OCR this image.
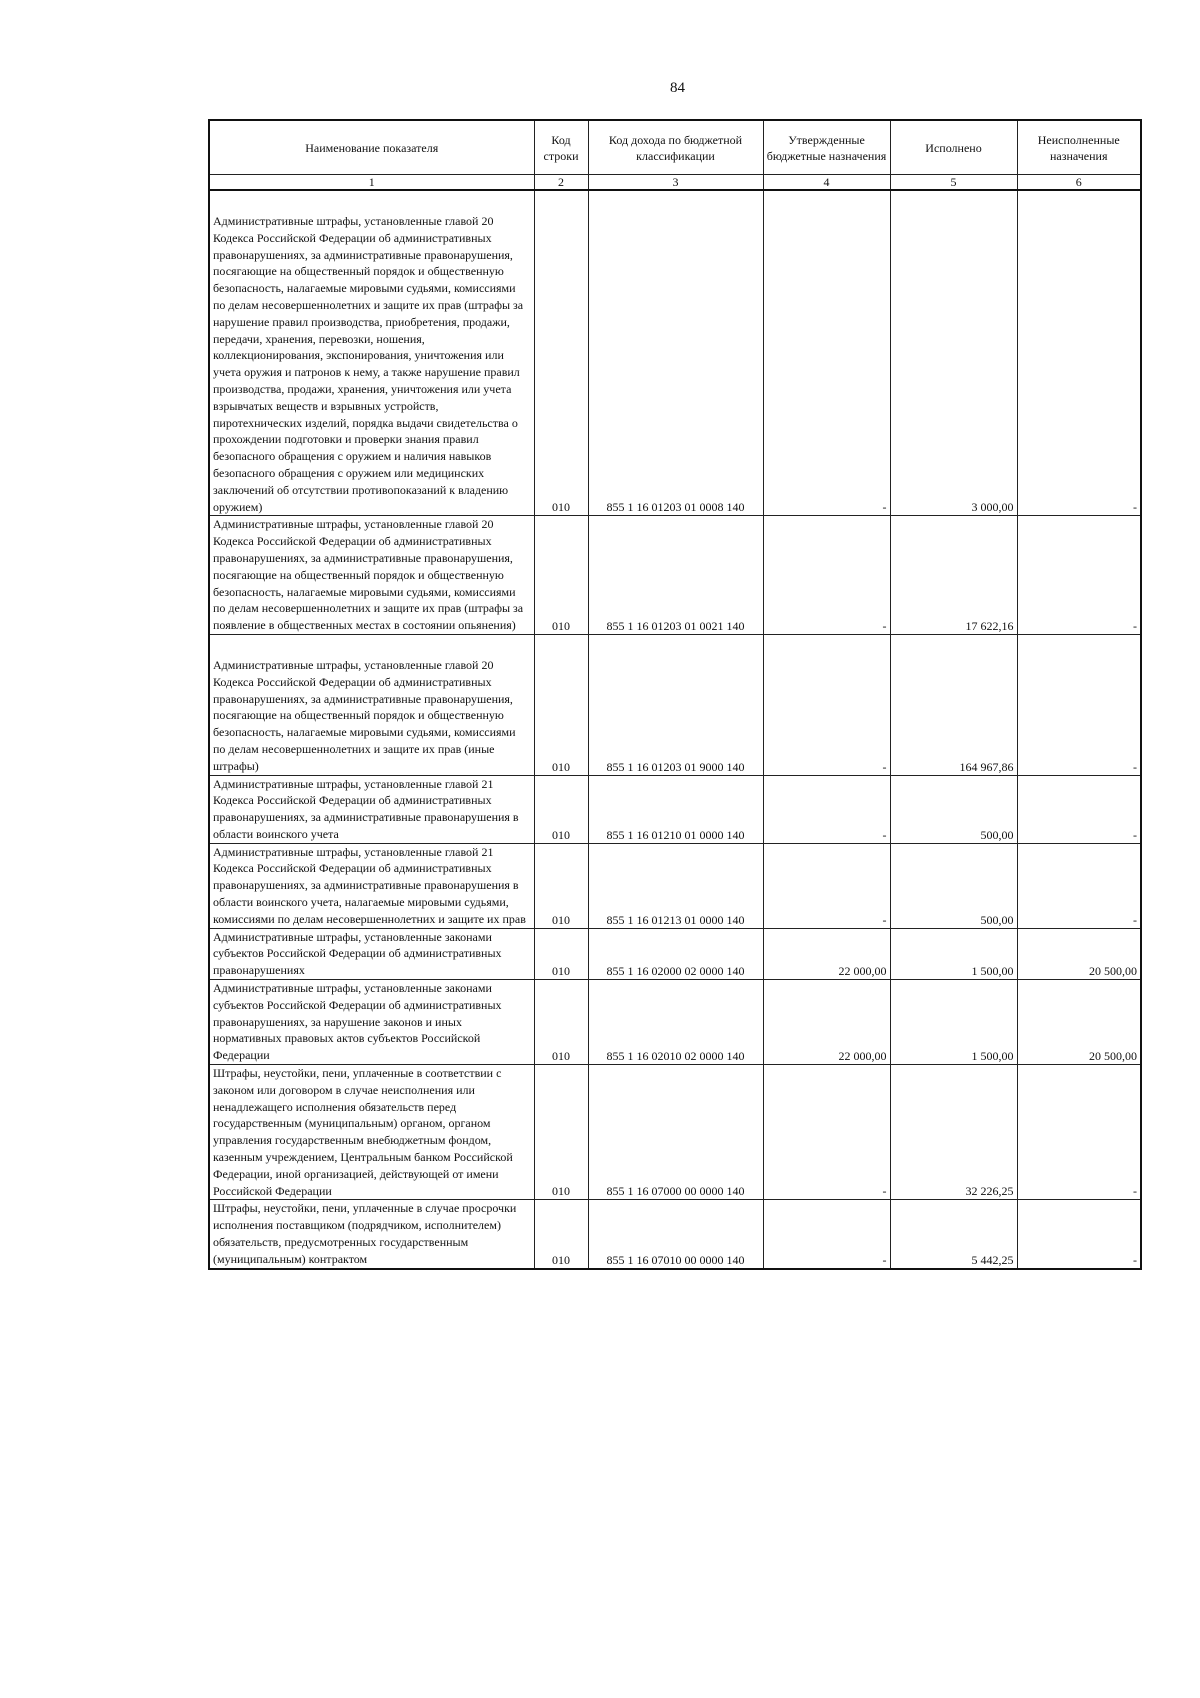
84
Наименование показателя	Код строки	Код дохода по бюджетной классификации	Утвержденные бюджетные назначения	Исполнено	Неисполненные назначения
1	2	3	4	5	6
Административные штрафы, установленные главой 20 Кодекса Российской Федерации об административных правонарушениях, за административные правонарушения, посягающие на общественный порядок и общественную безопасность, налагаемые мировыми судьями, комиссиями по делам несовершеннолетних и защите их прав (штрафы за нарушение правил производства, приобретения, продажи, передачи, хранения, перевозки, ношения, коллекционирования, экспонирования, уничтожения или учета оружия и патронов к нему, а также нарушение правил производства, продажи, хранения, уничтожения или учета взрывчатых веществ и взрывных устройств, пиротехнических изделий, порядка выдачи свидетельства о прохождении подготовки и проверки знания правил безопасного обращения с оружием и наличия навыков безопасного обращения с оружием или медицинских заключений об отсутствии противопоказаний к владению оружием)	010	855 1 16 01203 01 0008 140	-	3 000,00	-
Административные штрафы, установленные главой 20 Кодекса Российской Федерации об административных правонарушениях, за административные правонарушения, посягающие на общественный порядок и общественную безопасность, налагаемые мировыми судьями, комиссиями по делам несовершеннолетних и защите их прав (штрафы за появление в общественных местах в состоянии опьянения)	010	855 1 16 01203 01 0021 140	-	17 622,16	-
Административные штрафы, установленные главой 20 Кодекса Российской Федерации об административных правонарушениях, за административные правонарушения, посягающие на общественный порядок и общественную безопасность, налагаемые мировыми судьями, комиссиями по делам несовершеннолетних и защите их прав (иные штрафы)	010	855 1 16 01203 01 9000 140	-	164 967,86	-
Административные штрафы, установленные главой 21 Кодекса Российской Федерации об административных правонарушениях, за административные правонарушения в области воинского учета	010	855 1 16 01210 01 0000 140	-	500,00	-
Административные штрафы, установленные главой 21 Кодекса Российской Федерации об административных правонарушениях, за административные правонарушения в области воинского учета, налагаемые мировыми судьями, комиссиями по делам несовершеннолетних и защите их прав	010	855 1 16 01213 01 0000 140	-	500,00	-
Административные штрафы, установленные законами субъектов Российской Федерации об административных правонарушениях	010	855 1 16 02000 02 0000 140	22 000,00	1 500,00	20 500,00
Административные штрафы, установленные законами субъектов Российской Федерации об административных правонарушениях, за нарушение законов и иных нормативных правовых актов субъектов Российской Федерации	010	855 1 16 02010 02 0000 140	22 000,00	1 500,00	20 500,00
Штрафы, неустойки, пени, уплаченные в соответствии с законом или договором в случае неисполнения или ненадлежащего исполнения обязательств перед государственным (муниципальным) органом, органом управления государственным внебюджетным фондом, казенным учреждением, Центральным банком Российской Федерации, иной организацией, действующей от имени Российской Федерации	010	855 1 16 07000 00 0000 140	-	32 226,25	-
Штрафы, неустойки, пени, уплаченные в случае просрочки исполнения поставщиком (подрядчиком, исполнителем) обязательств, предусмотренных государственным (муниципальным) контрактом	010	855 1 16 07010 00 0000 140	-	5 442,25	-
